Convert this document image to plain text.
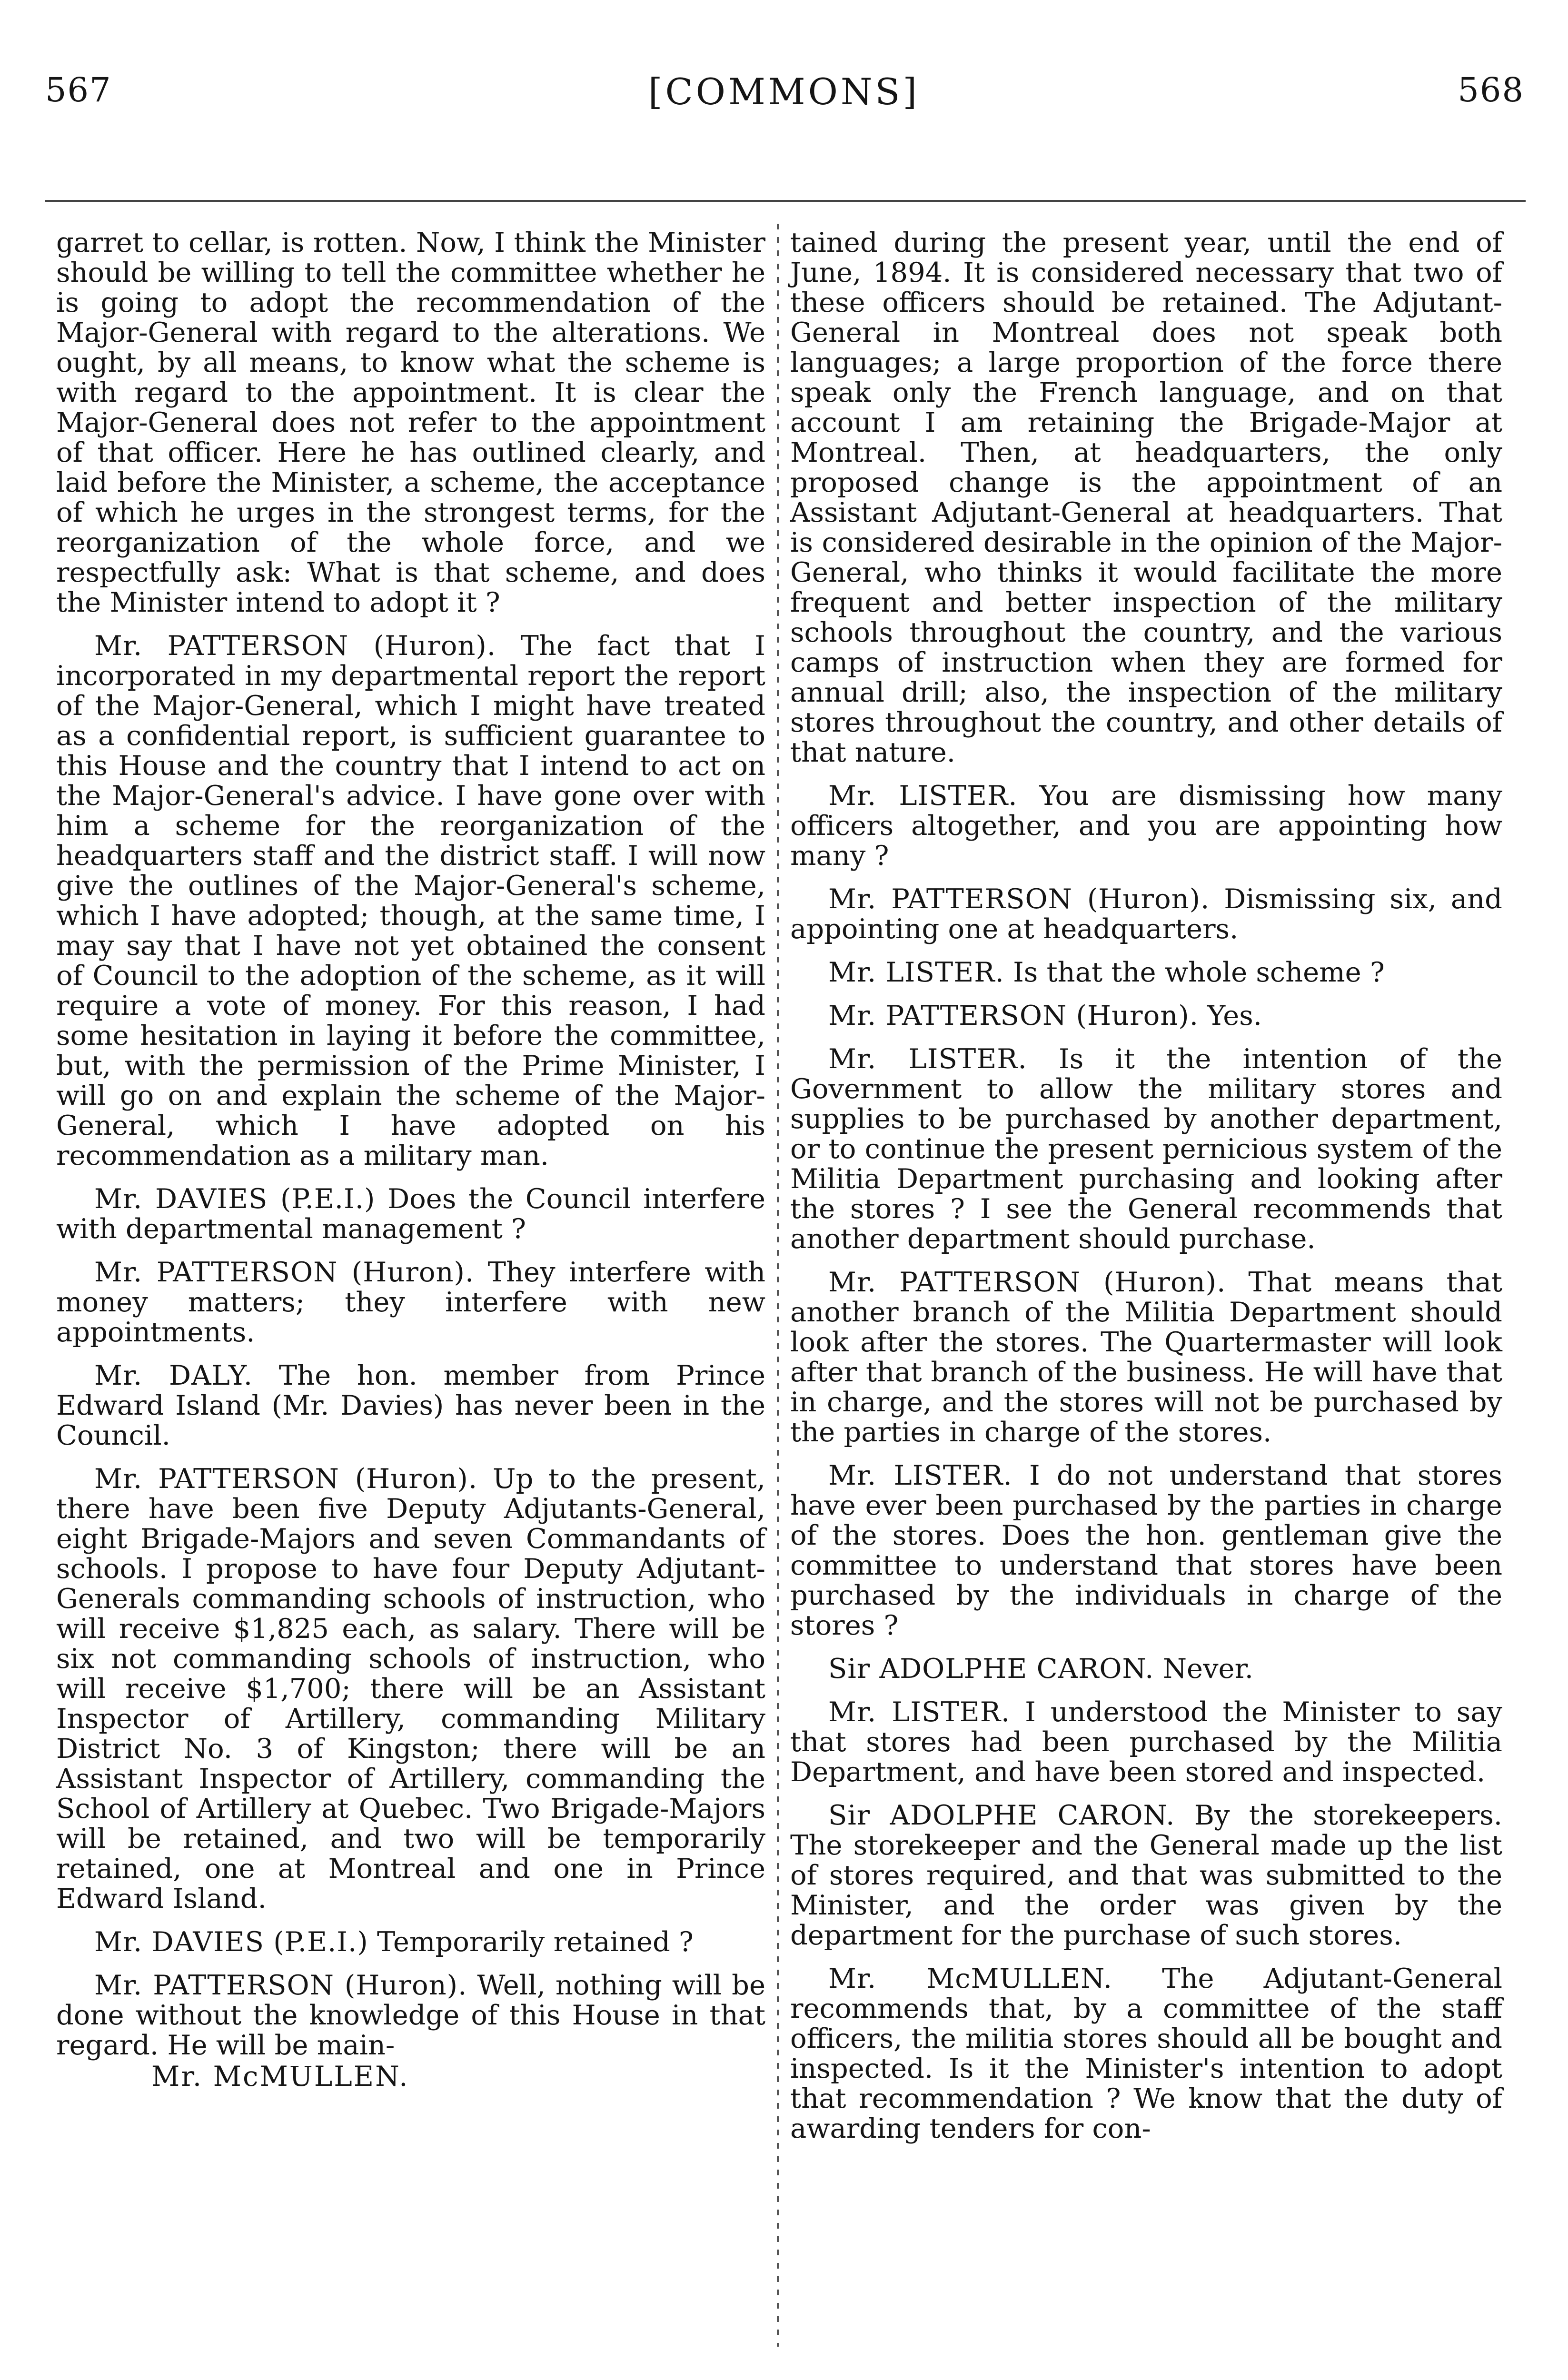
567	[COMMONS]	568

garret to cellar, is rotten. Now, I think the Minister should be willing to tell the committee whether he is going to adopt the recommendation of the Major-General with regard to the alterations. We ought, by all means, to know what the scheme is with regard to the appointment. It is clear the Major-General does not refer to the appointment of that officer. Here he has outlined clearly, and laid before the Minister, a scheme, the acceptance of which he urges in the strongest terms, for the reorganization of the whole force, and we respectfully ask: What is that scheme, and does the Minister intend to adopt it ?

Mr. PATTERSON (Huron). The fact that I incorporated in my departmental report the report of the Major-General, which I might have treated as a confidential report, is sufficient guarantee to this House and the country that I intend to act on the Major-General's advice. I have gone over with him a scheme for the reorganization of the headquarters staff and the district staff. I will now give the outlines of the Major-General's scheme, which I have adopted; though, at the same time, I may say that I have not yet obtained the consent of Council to the adoption of the scheme, as it will require a vote of money. For this reason, I had some hesitation in laying it before the committee, but, with the permission of the Prime Minister, I will go on and explain the scheme of the Major-General, which I have adopted on his recommendation as a military man.

Mr. DAVIES (P.E.I.) Does the Council interfere with departmental management ?

Mr. PATTERSON (Huron). They interfere with money matters; they interfere with new appointments.

Mr. DALY. The hon. member from Prince Edward Island (Mr. Davies) has never been in the Council.

Mr. PATTERSON (Huron). Up to the present, there have been five Deputy Adjutants-General, eight Brigade-Majors and seven Commandants of schools. I propose to have four Deputy Adjutant-Generals commanding schools of instruction, who will receive $1,825 each, as salary. There will be six not commanding schools of instruction, who will receive $1,700; there will be an Assistant Inspector of Artillery, commanding Military District No. 3 of Kingston; there will be an Assistant Inspector of Artillery, commanding the School of Artillery at Quebec. Two Brigade-Majors will be retained, and two will be temporarily retained, one at Montreal and one in Prince Edward Island.

Mr. DAVIES (P.E.I.) Temporarily retained ?

Mr. PATTERSON (Huron). Well, nothing will be done without the knowledge of this House in that regard. He will be main-

Mr. McMULLEN.

tained during the present year, until the end of June, 1894. It is considered necessary that two of these officers should be retained. The Adjutant-General in Montreal does not speak both languages; a large proportion of the force there speak only the French language, and on that account I am retaining the Brigade-Major at Montreal. Then, at headquarters, the only proposed change is the appointment of an Assistant Adjutant-General at headquarters. That is considered desirable in the opinion of the Major-General, who thinks it would facilitate the more frequent and better inspection of the military schools throughout the country, and the various camps of instruction when they are formed for annual drill; also, the inspection of the military stores throughout the country, and other details of that nature.

Mr. LISTER. You are dismissing how many officers altogether, and you are appointing how many ?

Mr. PATTERSON (Huron). Dismissing six, and appointing one at headquarters.

Mr. LISTER. Is that the whole scheme ?

Mr. PATTERSON (Huron). Yes.

Mr. LISTER. Is it the intention of the Government to allow the military stores and supplies to be purchased by another department, or to continue the present pernicious system of the Militia Department purchasing and looking after the stores ? I see the General recommends that another department should purchase.

Mr. PATTERSON (Huron). That means that another branch of the Militia Department should look after the stores. The Quartermaster will look after that branch of the business. He will have that in charge, and the stores will not be purchased by the parties in charge of the stores.

Mr. LISTER. I do not understand that stores have ever been purchased by the parties in charge of the stores. Does the hon. gentleman give the committee to understand that stores have been purchased by the individuals in charge of the stores ?

Sir ADOLPHE CARON. Never.

Mr. LISTER. I understood the Minister to say that stores had been purchased by the Militia Department, and have been stored and inspected.

Sir ADOLPHE CARON. By the storekeepers. The storekeeper and the General made up the list of stores required, and that was submitted to the Minister, and the order was given by the department for the purchase of such stores.

Mr. McMULLEN. The Adjutant-General recommends that, by a committee of the staff officers, the militia stores should all be bought and inspected. Is it the Minister's intention to adopt that recommendation ? We know that the duty of awarding tenders for con-
